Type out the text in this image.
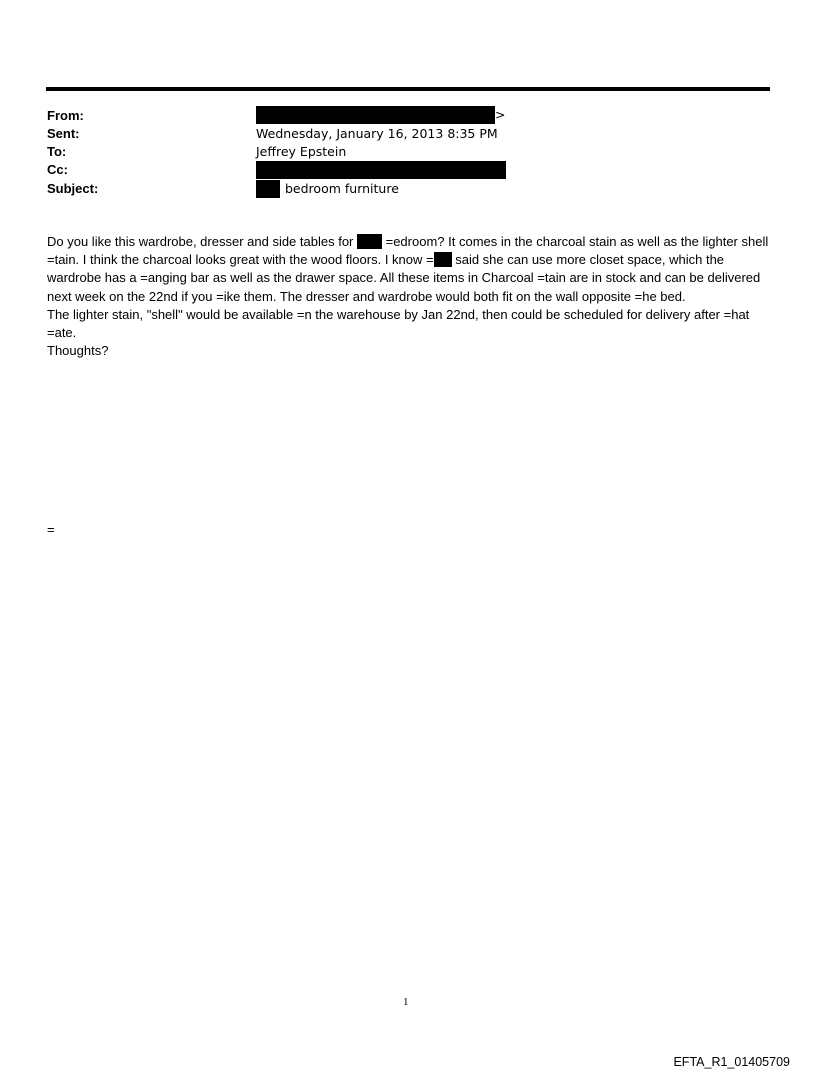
From:	>
Sent:	Wednesday, January 16, 2013 8:35 PM
To:	Jeffrey Epstein
Cc:
Subject:	bedroom furniture

Do you like this wardrobe, dresser and side tables for  =edroom? It comes in the charcoal stain as well as the lighter shell =tain. I think the charcoal looks great with the wood floors. I know = said she can use more closet space, which the wardrobe has a =anging bar as well as the drawer space. All these items in Charcoal =tain are in stock and can be delivered next week on the 22nd if you =ike them. The dresser and wardrobe would both fit on the wall opposite =he bed.

The lighter stain, "shell" would be available =n the warehouse by Jan 22nd, then could be scheduled for delivery after =hat =ate.

Thoughts?

=
1
EFTA_R1_01405709
